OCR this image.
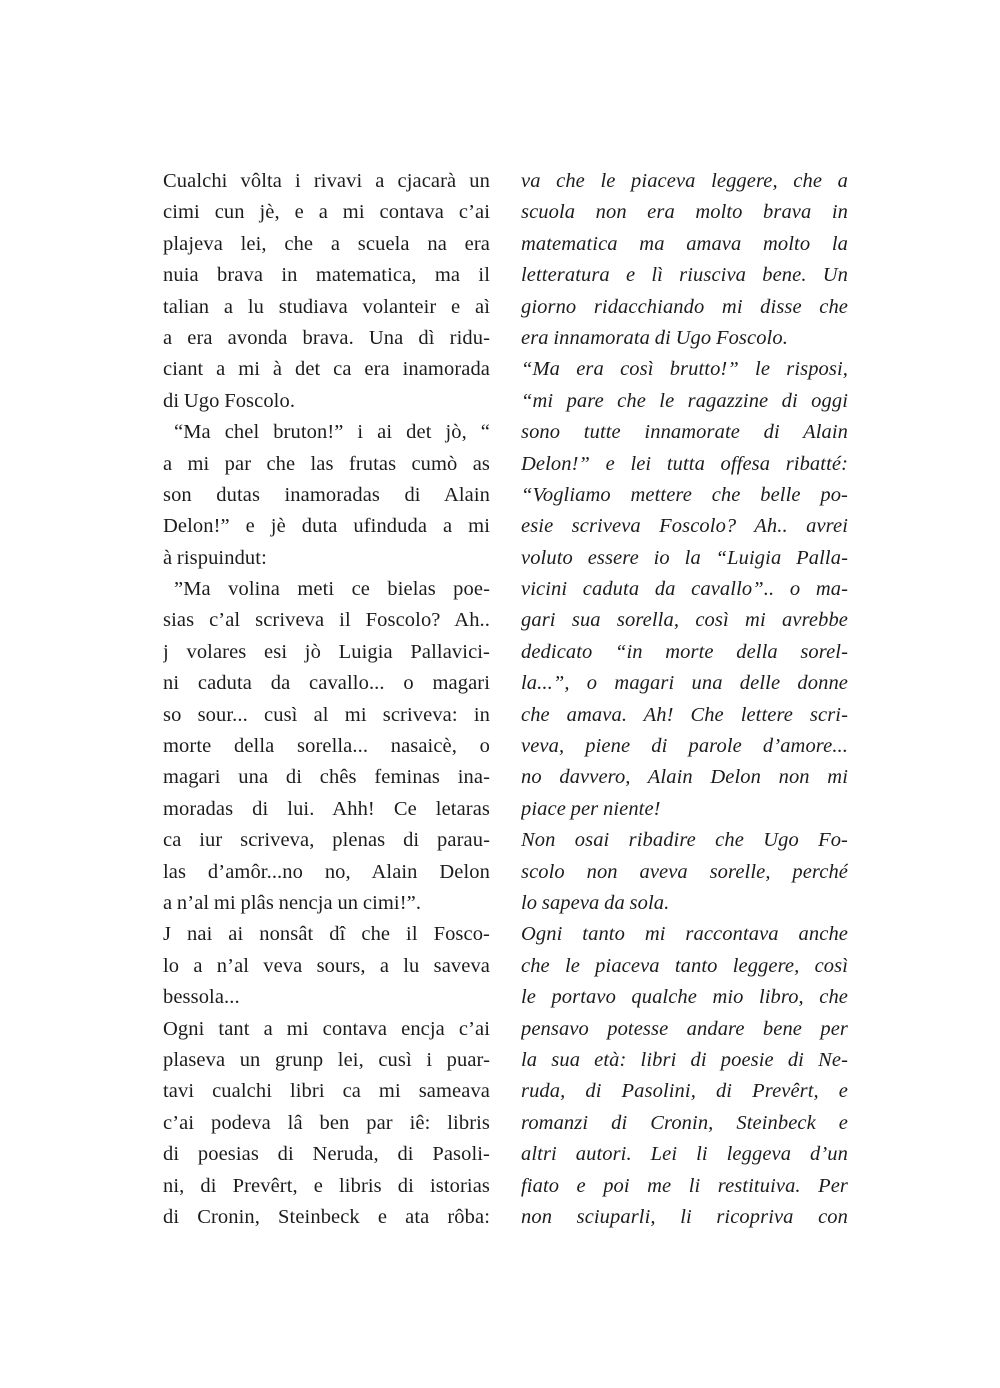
Cualchi vôlta i rivavi a cjacarà un
cimi cun jè, e a mi contava c’ai
plajeva lei, che a scuela na era
nuia brava in matematica, ma il
talian a lu studiava volanteir e aì
a era avonda brava. Una dì ridu-
ciant a mi à det ca era inamorada
di Ugo Foscolo.
“Ma chel bruton!” i ai det jò, “
a mi par che las frutas cumò as
son dutas inamoradas di Alain
Delon!” e jè duta ufinduda a mi
à rispuindut:
”Ma volina meti ce bielas poe-
sias c’al scriveva il Foscolo? Ah..
j volares esi jò Luigia Pallavici-
ni caduta da cavallo... o magari
so sour... cusì al mi scriveva: in
morte della sorella... nasaicè, o
magari una di chês feminas ina-
moradas di lui. Ahh! Ce letaras
ca iur scriveva, plenas di parau-
las d’amôr...no no, Alain Delon
a n’al mi plâs nencja un cimi!”.
J nai ai nonsât dî che il Fosco-
lo a n’al veva sours, a lu saveva
bessola...
Ogni tant a mi contava encja c’ai
plaseva un grunp lei, cusì i puar-
tavi cualchi libri ca mi sameava
c’ai podeva lâ ben par iê: libris
di poesias di Neruda, di Pasoli-
ni, di Prevêrt, e libris di istorias
di Cronin, Steinbeck e ata rôba:
va che le piaceva leggere, che a
scuola non era molto brava in
matematica ma amava molto la
letteratura e lì riusciva bene. Un
giorno ridacchiando mi disse che
era innamorata di Ugo Foscolo.
“Ma era così brutto!” le risposi,
“mi pare che le ragazzine di oggi
sono tutte innamorate di Alain
Delon!” e lei tutta offesa ribatté:
“Vogliamo mettere che belle po-
esie scriveva Foscolo? Ah.. avrei
voluto essere io la “Luigia Palla-
vicini caduta da cavallo”.. o ma-
gari sua sorella, così mi avrebbe
dedicato “in morte della sorel-
la...”, o magari una delle donne
che amava. Ah! Che lettere scri-
veva, piene di parole d’amore...
no davvero, Alain Delon non mi
piace per niente!
Non osai ribadire che Ugo Fo-
scolo non aveva sorelle, perché
lo sapeva da sola.
Ogni tanto mi raccontava anche
che le piaceva tanto leggere, così
le portavo qualche mio libro, che
pensavo potesse andare bene per
la sua età: libri di poesie di Ne-
ruda, di Pasolini, di Prevêrt, e
romanzi di Cronin, Steinbeck e
altri autori. Lei li leggeva d’un
fiato e poi me li restituiva. Per
non sciuparli, li ricopriva con
